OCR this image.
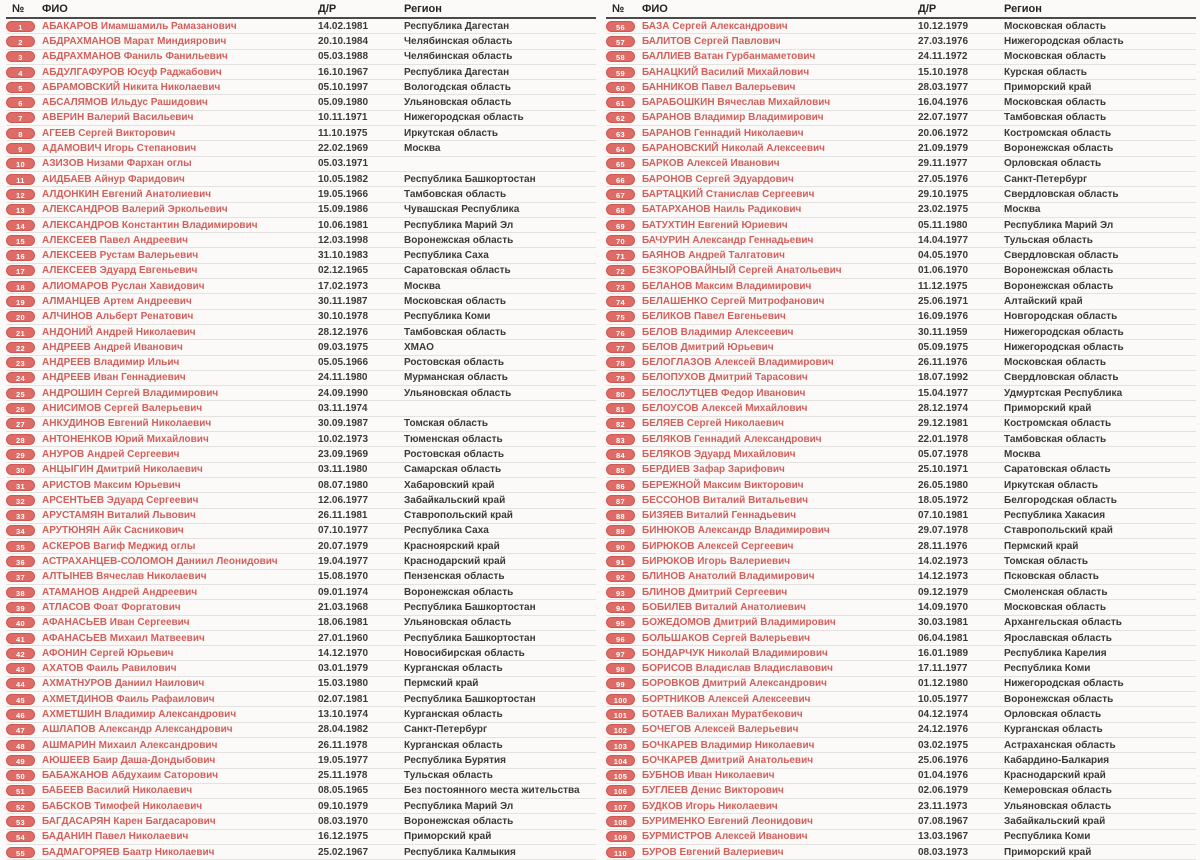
№	ФИО	Д/Р	Регион
1	АБАКАРОВ Имамшамиль Рамазанович	14.02.1981	Республика Дагестан
2	АБДРАХМАНОВ Марат Миндиярович	20.10.1984	Челябинская область
3	АБДРАХМАНОВ Фаниль Фанильевич	05.03.1988	Челябинская область
4	АБДУЛГАФУРОВ Юсуф Раджабович	16.10.1967	Республика Дагестан
5	АБРАМОВСКИЙ Никита Николаевич	05.10.1997	Вологодская область
6	АБСАЛЯМОВ Ильдус Рашидович	05.09.1980	Ульяновская область
7	АВЕРИН Валерий Васильевич	10.11.1971	Нижегородская область
8	АГЕЕВ Сергей Викторович	11.10.1975	Иркутская область
9	АДАМОВИЧ Игорь Степанович	22.02.1969	Москва
10	АЗИЗОВ Низами Фархан оглы	05.03.1971
11	АИДБАЕВ Айнур Фаридович	10.05.1982	Республика Башкортостан
12	АЛДОНКИН Евгений Анатолиевич	19.05.1966	Тамбовская область
13	АЛЕКСАНДРОВ Валерий Эркольевич	15.09.1986	Чувашская Республика
14	АЛЕКСАНДРОВ Константин Владимирович	10.06.1981	Республика Марий Эл
15	АЛЕКСЕЕВ Павел Андреевич	12.03.1998	Воронежская область
16	АЛЕКСЕЕВ Рустам Валерьевич	31.10.1983	Республика Саха
17	АЛЕКСЕЕВ Эдуард Евгеньевич	02.12.1965	Саратовская область
18	АЛИОМАРОВ Руслан Хавидович	17.02.1973	Москва
19	АЛМАНЦЕВ Артем Андреевич	30.11.1987	Московская область
20	АЛЧИНОВ Альберт Ренатович	30.10.1978	Республика Коми
21	АНДОНИЙ Андрей Николаевич	28.12.1976	Тамбовская область
22	АНДРЕЕВ Андрей Иванович	09.03.1975	ХМАО
23	АНДРЕЕВ Владимир Ильич	05.05.1966	Ростовская область
24	АНДРЕЕВ Иван Геннадиевич	24.11.1980	Мурманская область
25	АНДРОШИН Сергей Владимирович	24.09.1990	Ульяновская область
26	АНИСИМОВ Сергей Валерьевич	03.11.1974
27	АНКУДИНОВ Евгений Николаевич	30.09.1987	Томская область
28	АНТОНЕНКОВ Юрий Михайлович	10.02.1973	Тюменская область
29	АНУРОВ Андрей Сергеевич	23.09.1969	Ростовская область
30	АНЦЫГИН Дмитрий Николаевич	03.11.1980	Самарская область
31	АРИСТОВ Максим Юрьевич	08.07.1980	Хабаровский край
32	АРСЕНТЬЕВ Эдуард Сергеевич	12.06.1977	Забайкальский край
33	АРУСТАМЯН Виталий Львович	26.11.1981	Ставропольский край
34	АРУТЮНЯН Айк Сасникович	07.10.1977	Республика Саха
35	АСКЕРОВ Вагиф Меджид оглы	20.07.1979	Красноярский край
36	АСТРАХАНЦЕВ-СОЛОМОН Даниил Леонидович	19.04.1977	Краснодарский край
37	АЛТЫНЕВ Вячеслав Николаевич	15.08.1970	Пензенская область
38	АТАМАНОВ Андрей Андреевич	09.01.1974	Воронежская область
39	АТЛАСОВ Фоат Форгатович	21.03.1968	Республика Башкортостан
40	АФАНАСЬЕВ Иван Сергеевич	18.06.1981	Ульяновская область
41	АФАНАСЬЕВ Михаил Матвеевич	27.01.1960	Республика Башкортостан
42	АФОНИН Сергей Юрьевич	14.12.1970	Новосибирская область
43	АХАТОВ Фаиль Равилович	03.01.1979	Курганская область
44	АХМАТНУРОВ Даниил Наилович	15.03.1980	Пермский край
45	АХМЕТДИНОВ Фаиль Рафаилович	02.07.1981	Республика Башкортостан
46	АХМЕТШИН Владимир Александрович	13.10.1974	Курганская область
47	АШЛАПОВ Александр Александрович	28.04.1982	Санкт-Петербург
48	АШМАРИН Михаил Александрович	26.11.1978	Курганская область
49	АЮШЕЕВ Баир Даша-Дондыбович	19.05.1977	Республика Бурятия
50	БАБАЖАНОВ Абдухаим Саторович	25.11.1978	Тульская область
51	БАБЕЕВ Василий Николаевич	08.05.1965	Без постоянного места жительства
52	БАБСКОВ Тимофей Николаевич	09.10.1979	Республика Марий Эл
53	БАГДАСАРЯН Карен Багдасарович	08.03.1970	Воронежская область
54	БАДАНИН Павел Николаевич	16.12.1975	Приморский край
55	БАДМАГОРЯЕВ Баатр Николаевич	25.02.1967	Республика Калмыкия
№	ФИО	Д/Р	Регион
56	БАЗА Сергей Александрович	10.12.1979	Московская область
57	БАЛИТОВ Сергей Павлович	27.03.1976	Нижегородская область
58	БАЛЛИЕВ Ватан Гурбанмаметович	24.11.1972	Московская область
59	БАНАЦКИЙ Василий Михайлович	15.10.1978	Курская область
60	БАННИКОВ Павел Валерьевич	28.03.1977	Приморский край
61	БАРАБОШКИН Вячеслав Михайлович	16.04.1976	Московская область
62	БАРАНОВ Владимир Владимирович	22.07.1977	Тамбовская область
63	БАРАНОВ Геннадий Николаевич	20.06.1972	Костромская область
64	БАРАНОВСКИЙ Николай Алексеевич	21.09.1979	Воронежская область
65	БАРКОВ Алексей Иванович	29.11.1977	Орловская область
66	БАРОНОВ Сергей Эдуардович	27.05.1976	Санкт-Петербург
67	БАРТАЦКИЙ Станислав Сергеевич	29.10.1975	Свердловская область
68	БАТАРХАНОВ Наиль Радикович	23.02.1975	Москва
69	БАТУХТИН Евгений Юриевич	05.11.1980	Республика Марий Эл
70	БАЧУРИН Александр Геннадьевич	14.04.1977	Тульская область
71	БАЯНОВ Андрей Талгатович	04.05.1970	Свердловская область
72	БЕЗКОРОВАЙНЫЙ Сергей Анатольевич	01.06.1970	Воронежская область
73	БЕЛАНОВ Максим Владимирович	11.12.1975	Воронежская область
74	БЕЛАШЕНКО Сергей Митрофанович	25.06.1971	Алтайский край
75	БЕЛИКОВ Павел Евгеньевич	16.09.1976	Новгородская область
76	БЕЛОВ Владимир Алексеевич	30.11.1959	Нижегородская область
77	БЕЛОВ Дмитрий Юрьевич	05.09.1975	Нижегородская область
78	БЕЛОГЛАЗОВ Алексей Владимирович	26.11.1976	Московская область
79	БЕЛОПУХОВ Дмитрий Тарасович	18.07.1992	Свердловская область
80	БЕЛОСЛУТЦЕВ Федор Иванович	15.04.1977	Удмуртская Республика
81	БЕЛОУСОВ Алексей Михайлович	28.12.1974	Приморский край
82	БЕЛЯЕВ Сергей Николаевич	29.12.1981	Костромская область
83	БЕЛЯКОВ Геннадий Александрович	22.01.1978	Тамбовская область
84	БЕЛЯКОВ Эдуард Михайлович	05.07.1978	Москва
85	БЕРДИЕВ Зафар Зарифович	25.10.1971	Саратовская область
86	БЕРЕЖНОЙ Максим Викторович	26.05.1980	Иркутская область
87	БЕССОНОВ Виталий Витальевич	18.05.1972	Белгородская область
88	БИЗЯЕВ Виталий Геннадьевич	07.10.1981	Республика Хакасия
89	БИНЮКОВ Александр Владимирович	29.07.1978	Ставропольский край
90	БИРЮКОВ Алексей Сергеевич	28.11.1976	Пермский край
91	БИРЮКОВ Игорь Валериевич	14.02.1973	Томская область
92	БЛИНОВ Анатолий Владимирович	14.12.1973	Псковская область
93	БЛИНОВ Дмитрий Сергеевич	09.12.1979	Смоленская область
94	БОБИЛЕВ Виталий Анатолиевич	14.09.1970	Московская область
95	БОЖЕДОМОВ Дмитрий Владимирович	30.03.1981	Архангельская область
96	БОЛЬШАКОВ Сергей Валерьевич	06.04.1981	Ярославская область
97	БОНДАРЧУК Николай Владимирович	16.01.1989	Республика Карелия
98	БОРИСОВ Владислав Владиславович	17.11.1977	Республика Коми
99	БОРОВКОВ Дмитрий Александрович	01.12.1980	Нижегородская область
100	БОРТНИКОВ Алексей Алексеевич	10.05.1977	Воронежская область
101	БОТАЕВ Валихан Муратбекович	04.12.1974	Орловская область
102	БОЧЕГОВ Алексей Валерьевич	24.12.1976	Курганская область
103	БОЧКАРЕВ Владимир Николаевич	03.02.1975	Астраханская область
104	БОЧКАРЕВ Дмитрий Анатольевич	25.06.1976	Кабардино-Балкария
105	БУБНОВ Иван Николаевич	01.04.1976	Краснодарский край
106	БУГЛЕЕВ Денис Викторович	02.06.1979	Кемеровская область
107	БУДКОВ Игорь Николаевич	23.11.1973	Ульяновская область
108	БУРИМЕНКО Евгений Леонидович	07.08.1967	Забайкальский край
109	БУРМИСТРОВ Алексей Иванович	13.03.1967	Республика Коми
110	БУРОВ Евгений Валериевич	08.03.1973	Приморский край
